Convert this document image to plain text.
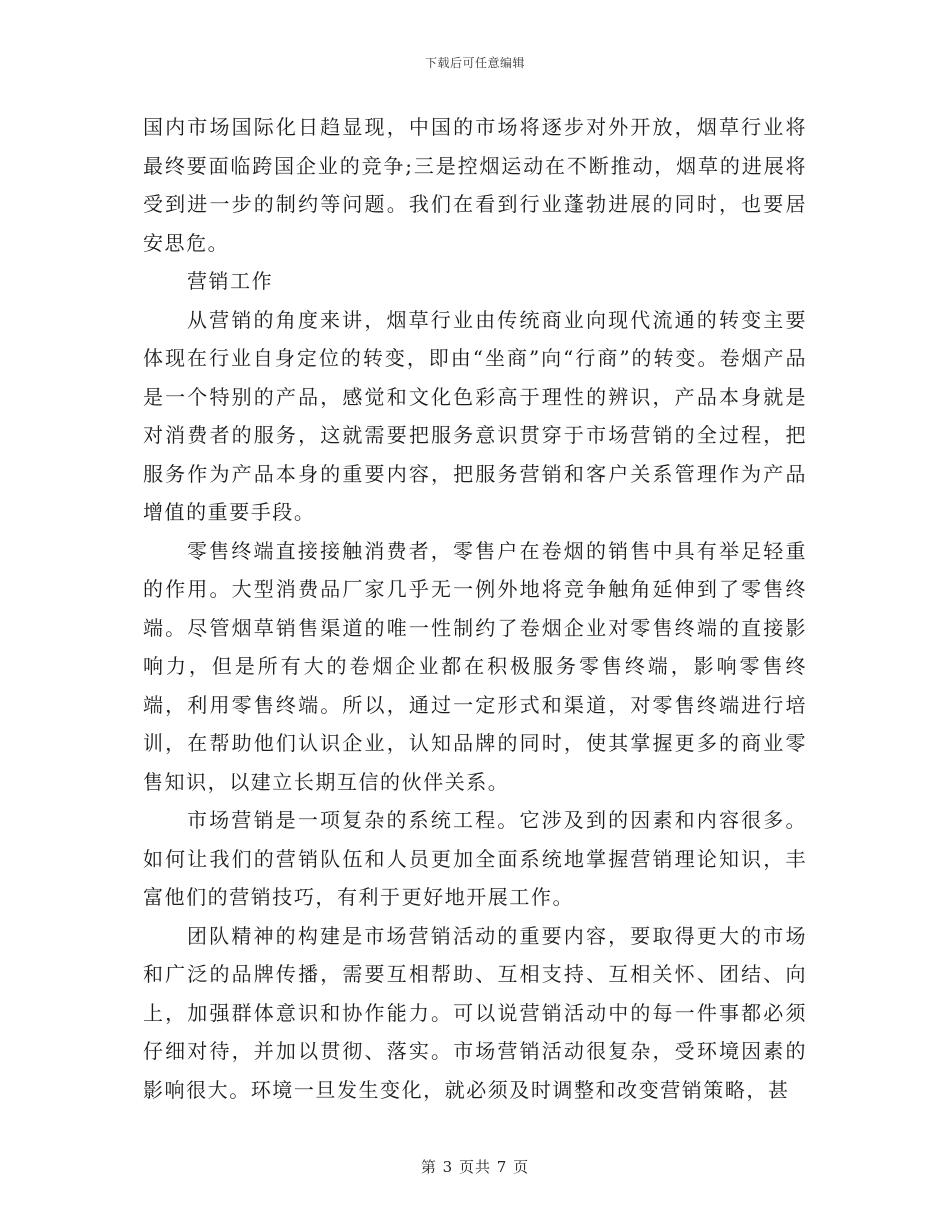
下载后可任意编辑

国内市场国际化日趋显现，中国的市场将逐步对外开放，烟草行业将最终要面临跨国企业的竞争;三是控烟运动在不断推动，烟草的进展将受到进一步的制约等问题。我们在看到行业蓬勃进展的同时，也要居安思危。

营销工作

从营销的角度来讲，烟草行业由传统商业向现代流通的转变主要体现在行业自身定位的转变，即由“坐商”向“行商”的转变。卷烟产品是一个特别的产品，感觉和文化色彩高于理性的辨识，产品本身就是对消费者的服务，这就需要把服务意识贯穿于市场营销的全过程，把服务作为产品本身的重要内容，把服务营销和客户关系管理作为产品增值的重要手段。

零售终端直接接触消费者，零售户在卷烟的销售中具有举足轻重的作用。大型消费品厂家几乎无一例外地将竞争触角延伸到了零售终端。尽管烟草销售渠道的唯一性制约了卷烟企业对零售终端的直接影响力，但是所有大的卷烟企业都在积极服务零售终端，影响零售终端，利用零售终端。所以，通过一定形式和渠道，对零售终端进行培训，在帮助他们认识企业，认知品牌的同时，使其掌握更多的商业零售知识，以建立长期互信的伙伴关系。

市场营销是一项复杂的系统工程。它涉及到的因素和内容很多。如何让我们的营销队伍和人员更加全面系统地掌握营销理论知识，丰富他们的营销技巧，有利于更好地开展工作。

团队精神的构建是市场营销活动的重要内容，要取得更大的市场和广泛的品牌传播，需要互相帮助、互相支持、互相关怀、团结、向上，加强群体意识和协作能力。可以说营销活动中的每一件事都必须仔细对待，并加以贯彻、落实。市场营销活动很复杂，受环境因素的影响很大。环境一旦发生变化，就必须及时调整和改变营销策略，甚

第 3 页共 7 页
